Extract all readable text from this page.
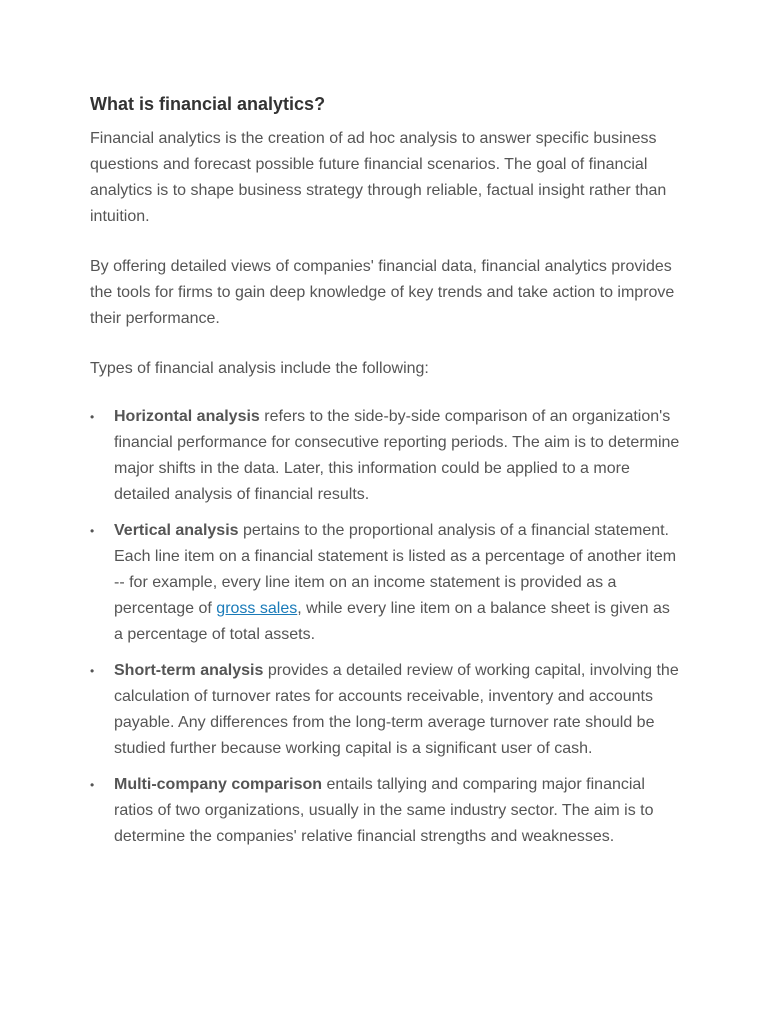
What is financial analytics?

Financial analytics is the creation of ad hoc analysis to answer specific business questions and forecast possible future financial scenarios. The goal of financial analytics is to shape business strategy through reliable, factual insight rather than intuition.

By offering detailed views of companies' financial data, financial analytics provides the tools for firms to gain deep knowledge of key trends and take action to improve their performance.

Types of financial analysis include the following:

• Horizontal analysis refers to the side-by-side comparison of an organization's financial performance for consecutive reporting periods. The aim is to determine major shifts in the data. Later, this information could be applied to a more detailed analysis of financial results.
• Vertical analysis pertains to the proportional analysis of a financial statement. Each line item on a financial statement is listed as a percentage of another item -- for example, every line item on an income statement is provided as a percentage of gross sales, while every line item on a balance sheet is given as a percentage of total assets.
• Short-term analysis provides a detailed review of working capital, involving the calculation of turnover rates for accounts receivable, inventory and accounts payable. Any differences from the long-term average turnover rate should be studied further because working capital is a significant user of cash.
• Multi-company comparison entails tallying and comparing major financial ratios of two organizations, usually in the same industry sector. The aim is to determine the companies' relative financial strengths and weaknesses.
